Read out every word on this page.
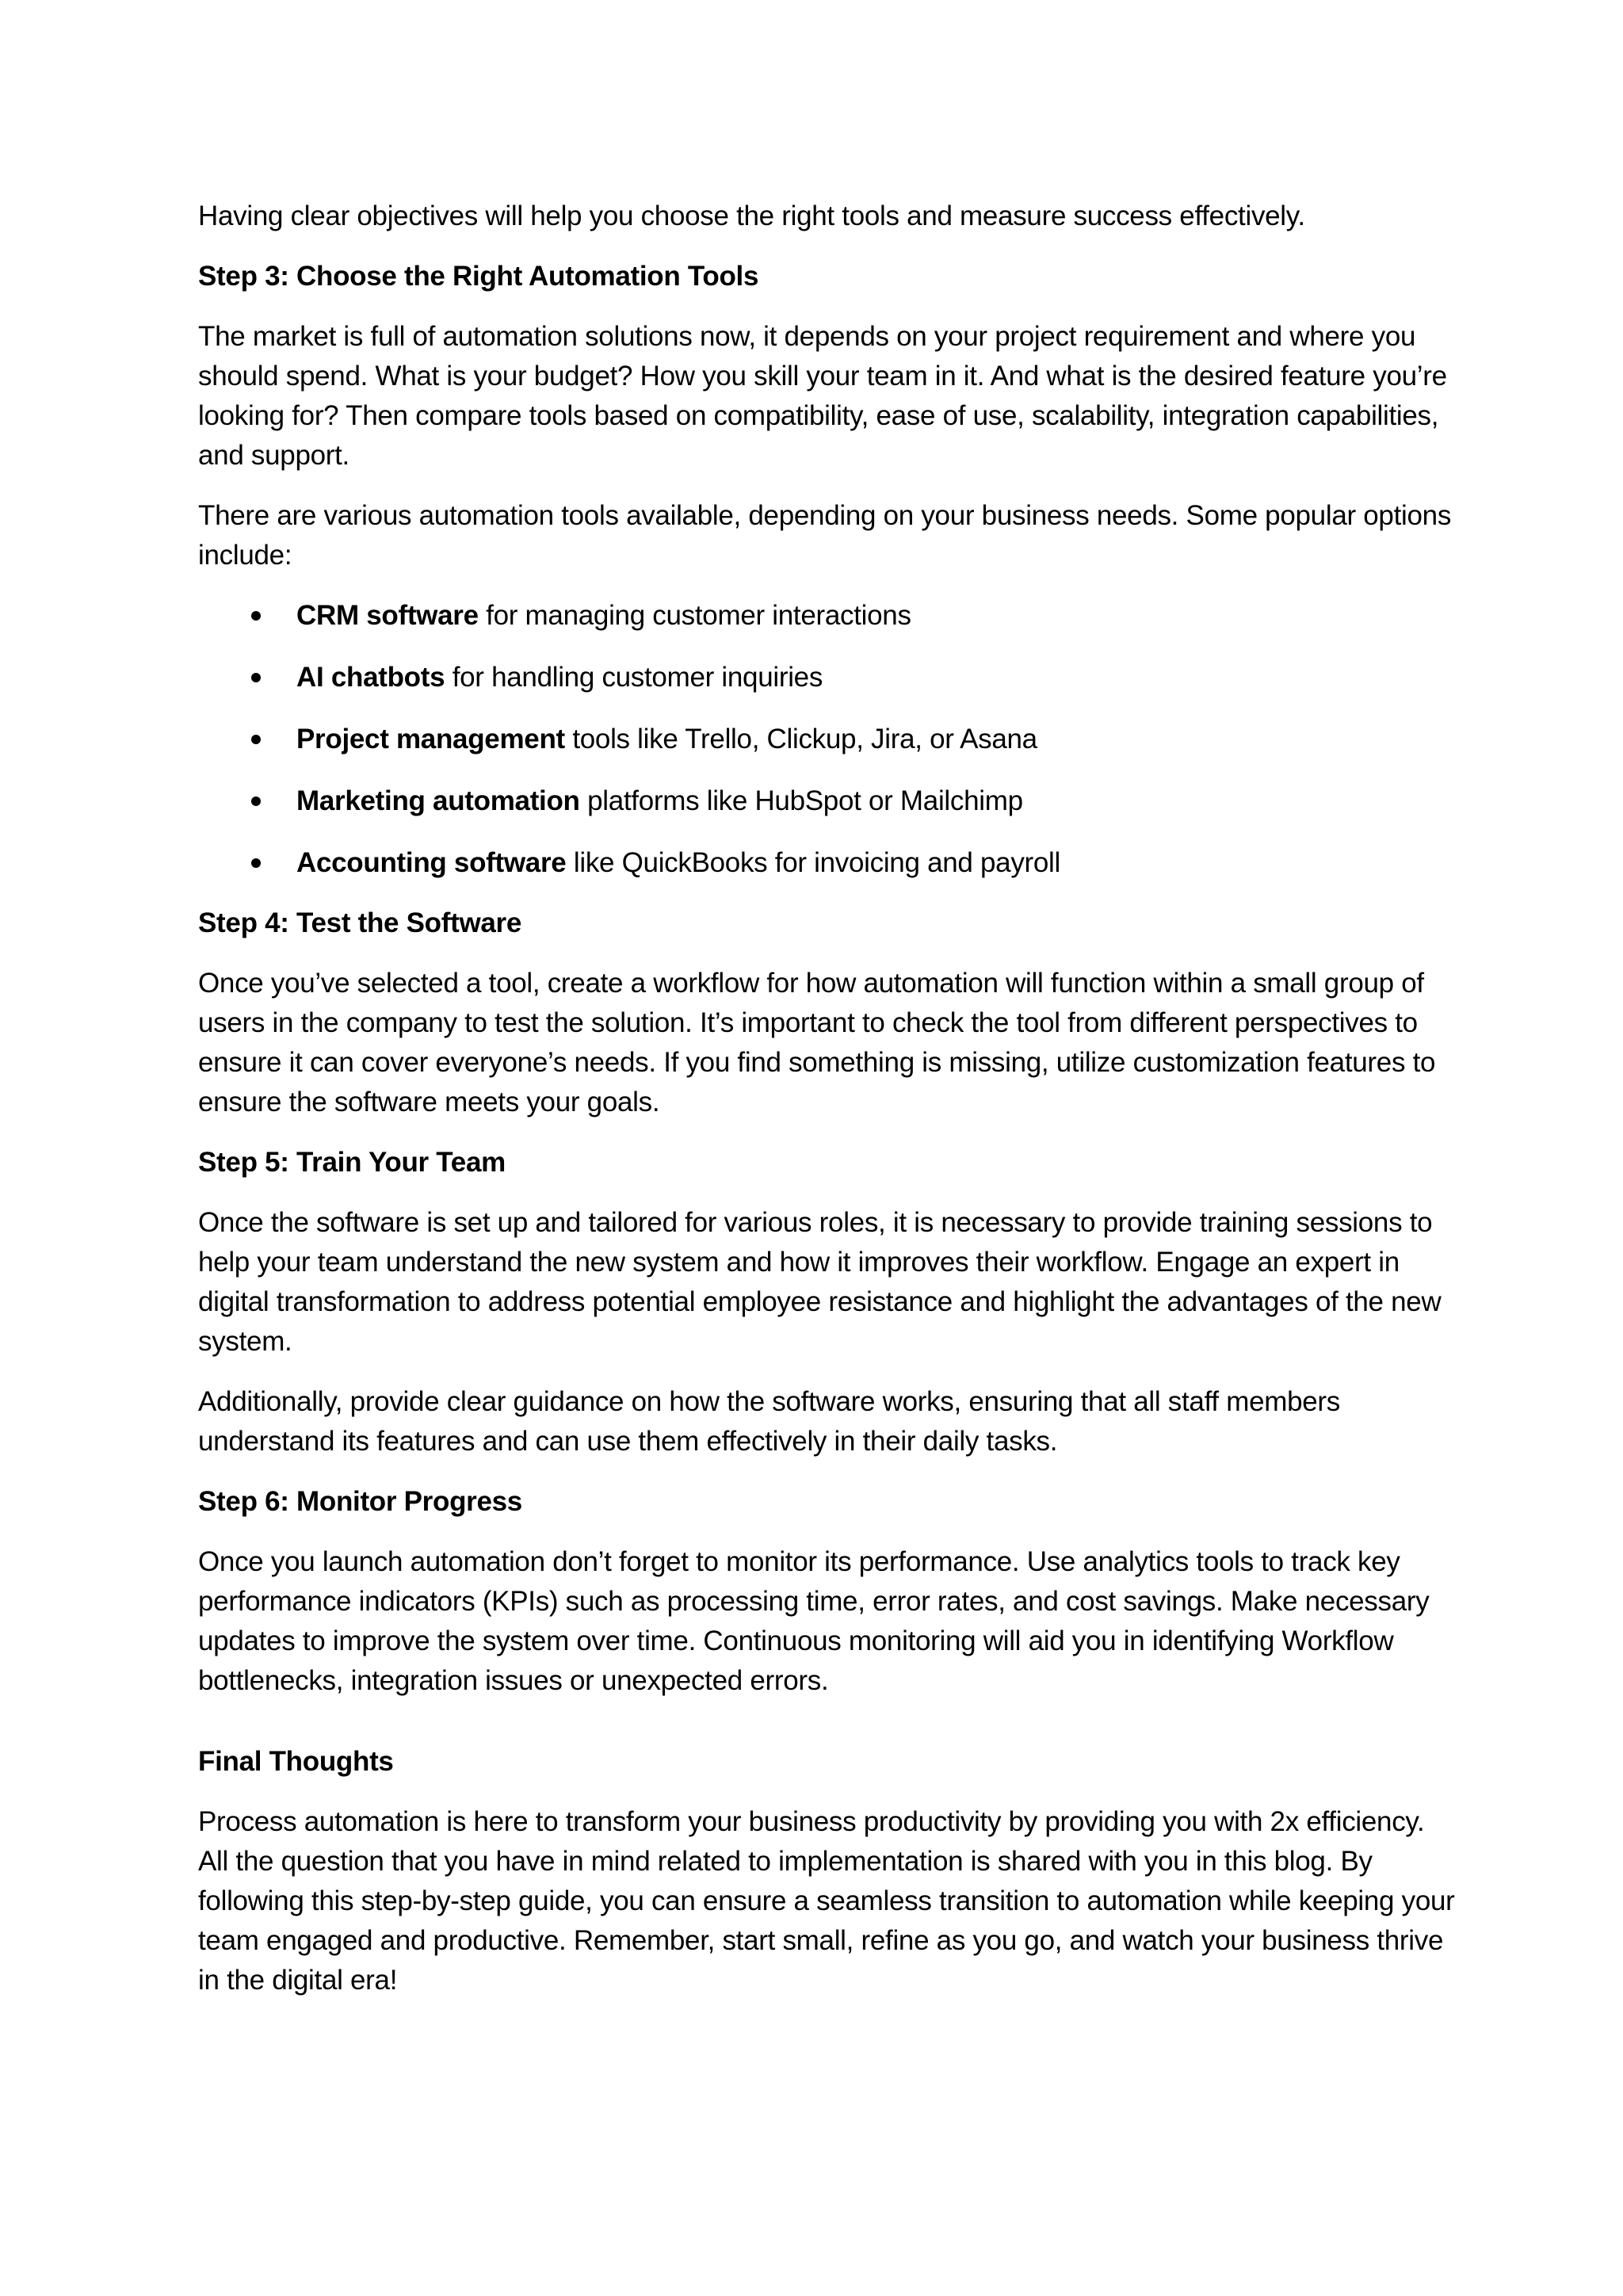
Having clear objectives will help you choose the right tools and measure success effectively.

Step 3: Choose the Right Automation Tools

The market is full of automation solutions now, it depends on your project requirement and where you should spend. What is your budget? How you skill your team in it. And what is the desired feature you’re looking for? Then compare tools based on compatibility, ease of use, scalability, integration capabilities, and support.

There are various automation tools available, depending on your business needs. Some popular options include:

CRM software for managing customer interactions
AI chatbots for handling customer inquiries
Project management tools like Trello, Clickup, Jira, or Asana
Marketing automation platforms like HubSpot or Mailchimp
Accounting software like QuickBooks for invoicing and payroll

Step 4: Test the Software

Once you’ve selected a tool, create a workflow for how automation will function within a small group of users in the company to test the solution. It’s important to check the tool from different perspectives to ensure it can cover everyone’s needs. If you find something is missing, utilize customization features to ensure the software meets your goals.

Step 5: Train Your Team

Once the software is set up and tailored for various roles, it is necessary to provide training sessions to help your team understand the new system and how it improves their workflow. Engage an expert in digital transformation to address potential employee resistance and highlight the advantages of the new system.

Additionally, provide clear guidance on how the software works, ensuring that all staff members understand its features and can use them effectively in their daily tasks.

Step 6: Monitor Progress

Once you launch automation don’t forget to monitor its performance. Use analytics tools to track key performance indicators (KPIs) such as processing time, error rates, and cost savings. Make necessary updates to improve the system over time. Continuous monitoring will aid you in identifying Workflow bottlenecks, integration issues or unexpected errors.

Final Thoughts

Process automation is here to transform your business productivity by providing you with 2x efficiency. All the question that you have in mind related to implementation is shared with you in this blog. By following this step-by-step guide, you can ensure a seamless transition to automation while keeping your team engaged and productive. Remember, start small, refine as you go, and watch your business thrive in the digital era!
